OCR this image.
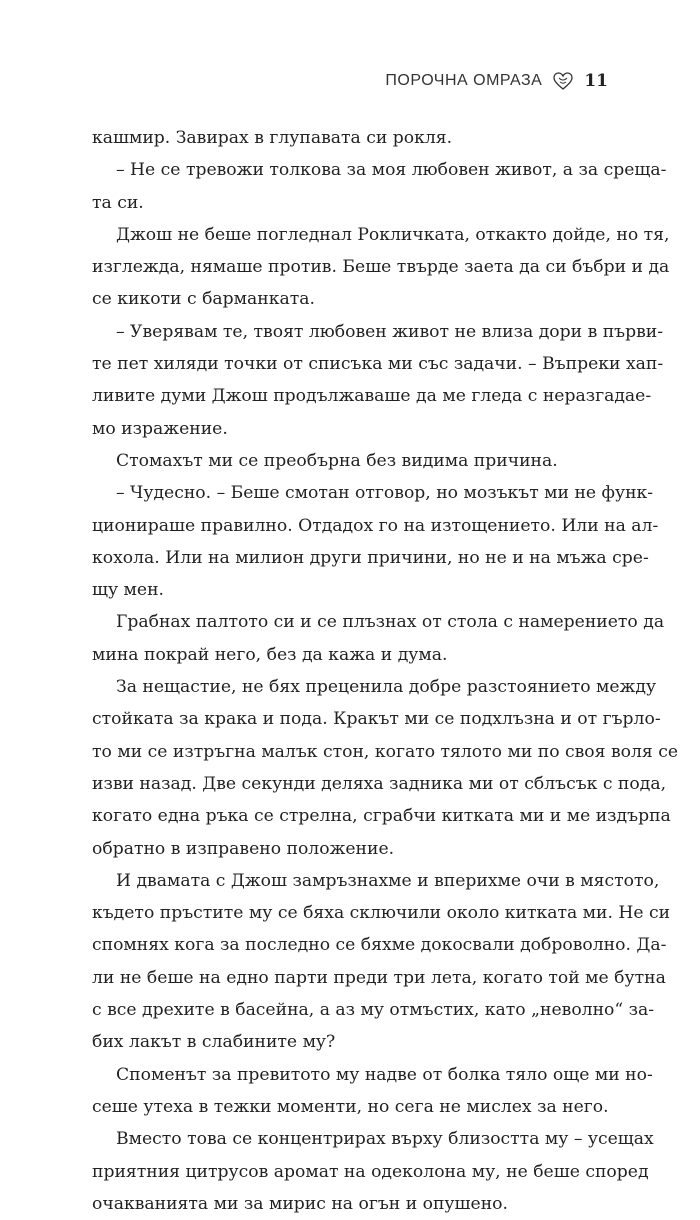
ПОРОЧНА ОМРАЗА 11
кашмир. Завирах в глупавата си рокля.
– Не се тревожи толкова за моя любовен живот, а за среща-
та си.
Джош не беше погледнал Рокличката, откакто дойде, но тя,
изглежда, нямаше против. Беше твърде заета да си бъбри и да
се кикоти с барманката.
– Уверявам те, твоят любовен живот не влиза дори в първи-
те пет хиляди точки от списъка ми със задачи. – Въпреки хап-
ливите думи Джош продължаваше да ме гледа с неразгадае-
мо изражение.
Стомахът ми се преобърна без видима причина.
– Чудесно. – Беше смотан отговор, но мозъкът ми не функ-
ционираше правилно. Отдадох го на изтощението. Или на ал-
кохола. Или на милион други причини, но не и на мъжа сре-
щу мен.
Грабнах палтото си и се плъзнах от стола с намерението да
мина покрай него, без да кажа и дума.
За нещастие, не бях преценила добре разстоянието между
стойката за крака и пода. Кракът ми се подхлъзна и от гърло-
то ми се изтръгна малък стон, когато тялото ми по своя воля се
изви назад. Две секунди деляха задника ми от сблъсък с пода,
когато една ръка се стрелна, сграбчи китката ми и ме издърпа
обратно в изправено положение.
И двамата с Джош замръзнахме и вперихме очи в мястото,
където пръстите му се бяха сключили около китката ми. Не си
спомнях кога за последно се бяхме докосвали доброволно. Да-
ли не беше на едно парти преди три лета, когато той ме бутна
с все дрехите в басейна, а аз му отмъстих, като „неволно“ за-
бих лакът в слабините му?
Споменът за превитото му надве от болка тяло още ми но-
сеше утеха в тежки моменти, но сега не мислех за него.
Вместо това се концентрирах върху близостта му – усещах
приятния цитрусов аромат на одеколона му, не беше според
очакванията ми за мирис на огън и опушено.
